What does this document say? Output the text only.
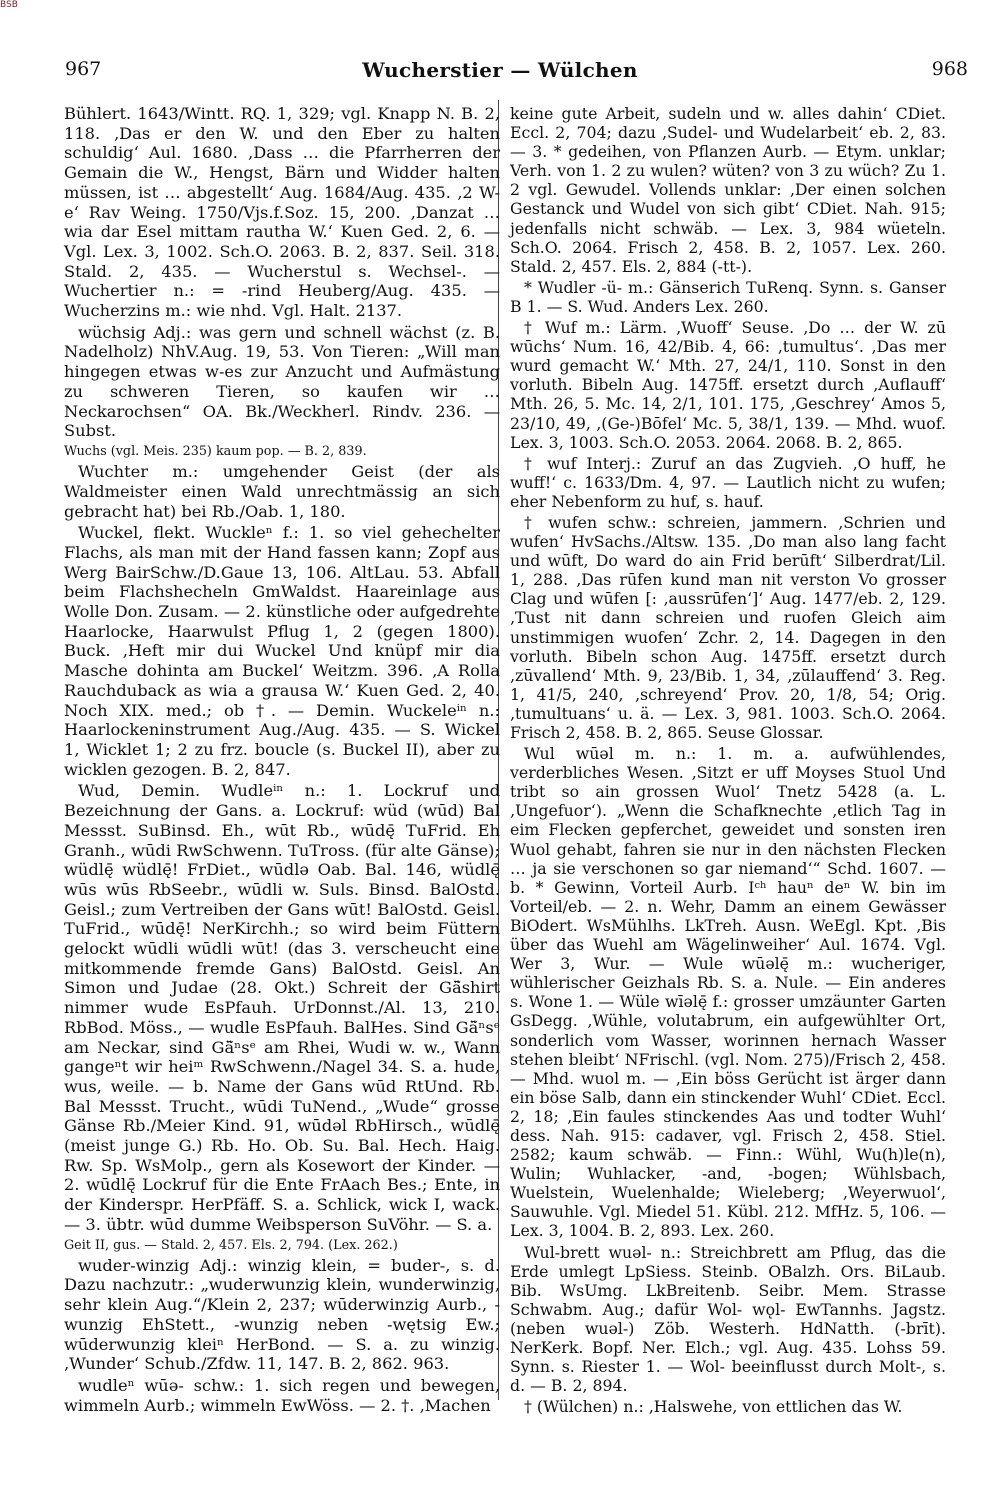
BSB
967	Wucherstier — Wülchen	968

Bühlert. 1643/Wintt. RQ. 1, 329; vgl. Knapp N. B. 2, 118. ‚Das er den W. und den Eber zu halten schuldig‘ Aul. 1680. ‚Dass … die Pfarrherren der Gemain die W., Hengst, Bärn und Widder halten müssen, ist … abgestellt‘ Aug. 1684/Aug. 435. ‚2 W-e‘ Rav Weing. 1750/Vjs.f.Soz. 15, 200. ‚Danzat … wia dar Esel mittam rautha W.‘ Kuen Ged. 2, 6. — Vgl. Lex. 3, 1002. Sch.O. 2063. B. 2, 837. Seil. 318. Stald. 2, 435. — Wucherstul s. Wechsel-. — Wuchertier n.: = -rind Heuberg/Aug. 435. — Wucherzins m.: wie nhd. Vgl. Halt. 2137.

wüchsig Adj.: was gern und schnell wächst (z. B. Nadelholz) NhV.Aug. 19, 53. Von Tieren: „Will man hingegen etwas w-es zur Anzucht und Aufmästung zu schweren Tieren, so kaufen wir … Neckarochsen“ OA. Bk./Weckherl. Rindv. 236. — Subst.

Wuchs (vgl. Meis. 235) kaum pop. — B. 2, 839.

Wuchter m.: umgehender Geist (der als Waldmeister einen Wald unrechtmässig an sich gebracht hat) bei Rb./Oab. 1, 180.

Wuckel, flekt. Wuckleⁿ f.: 1. so viel gehechelter Flachs, als man mit der Hand fassen kann; Zopf aus Werg BairSchw./D.Gaue 13, 106. AltLau. 53. Abfall beim Flachshecheln GmWaldst. Haareinlage aus Wolle Don. Zusam. — 2. künstliche oder aufgedrehte Haarlocke, Haarwulst Pflug 1, 2 (gegen 1800). Buck. ‚Heft mir dui Wuckel Und knüpf mir dia Masche dohinta am Buckel‘ Weitzm. 396. ‚A Rolla Rauchduback as wia a grausa W.‘ Kuen Ged. 2, 40. Noch XIX. med.; ob †. — Demin. Wuckeleⁱⁿ n.: Haarlockeninstrument Aug./Aug. 435. — S. Wickel 1, Wicklet 1; 2 zu frz. boucle (s. Buckel II), aber zu wicklen gezogen. B. 2, 847.

Wud, Demin. Wudleⁱⁿ n.: 1. Lockruf und Bezeichnung der Gans. a. Lockruf: wüd (wūd) Bal Messst. SuBinsd. Eh., wūt Rb., wūdę̄ TuFrid. Eh Granh., wūdi RwSchwenn. TuTross. (für alte Gänse); wüdlę̄ wüdlę̄! FrDiet., wūdlə Oab. Bal. 146, wüdlę̄ wūs wūs RbSeebr., wūdli w. Suls. Binsd. BalOstd. Geisl.; zum Vertreiben der Gans wūt! BalOstd. Geisl. TuFrid., wūdę̄! NerKirchh.; so wird beim Füttern gelockt wūdli wūdli wūt! (das 3. verscheucht eine mitkommende fremde Gans) BalOstd. Geisl. An Simon und Judae (28. Okt.) Schreit der Gä̃shirt nimmer wude EsPfauh. UrDonnst./Al. 13, 210. RbBod. Möss., — wudle EsPfauh. BalHes. Sind Gä̃ⁿsᵉ am Neckar, sind Gä̃ⁿsᵉ am Rhei, Wudi w. w., Wann gangeⁿt wir heiᵐ RwSchwenn./Nagel 34. S. a. hude, wus, weile. — b. Name der Gans wūd RtUnd. Rb. Bal Messst. Trucht., wūdi TuNend., „Wude“ grosse Gänse Rb./Meier Kind. 91, wūdəl RbHirsch., wūdlę̄ (meist junge G.) Rb. Ho. Ob. Su. Bal. Hech. Haig. Rw. Sp. WsMolp., gern als Kosewort der Kinder. — 2. wūdlę̄ Lockruf für die Ente FrAach Bes.; Ente, in der Kinderspr. HerPfäff. S. a. Schlick, wick I, wack. — 3. übtr. wūd dumme Weibsperson SuVöhr. — S. a.

Geit II, gus. — Stald. 2, 457. Els. 2, 794. (Lex. 262.)

wuder-winzig Adj.: winzig klein, = buder-, s. d. Dazu nachzutr.: „wuderwunzig klein, wunderwinzig, sehr klein Aug.“/Klein 2, 237; wūderwinzig Aurb., -wunzig EhStett., -wunzig neben -wętsig Ew.; wūderwunzig kleiⁿ HerBond. — S. a. zu winzig. ‚Wunder‘ Schub./Zfdw. 11, 147. B. 2, 862. 963.

wudleⁿ wūə- schw.: 1. sich regen und bewegen, wimmeln Aurb.; wimmeln EwWöss. — 2. †. ‚Machen

keine gute Arbeit, sudeln und w. alles dahin‘ CDiet. Eccl. 2, 704; dazu ‚Sudel- und Wudelarbeit‘ eb. 2, 83. — 3. * gedeihen, von Pflanzen Aurb. — Etym. unklar; Verh. von 1. 2 zu wulen? wüten? von 3 zu wüch? Zu 1. 2 vgl. Gewudel. Vollends unklar: ‚Der einen solchen Gestanck und Wudel von sich gibt‘ CDiet. Nah. 915; jedenfalls nicht schwäb. — Lex. 3, 984 wüeteln. Sch.O. 2064. Frisch 2, 458. B. 2, 1057. Lex. 260. Stald. 2, 457. Els. 2, 884 (-tt-).

* Wudler -ü- m.: Gänserich TuRenq. Synn. s. Ganser B 1. — S. Wud. Anders Lex. 260.

† Wuf m.: Lärm. ‚Wuoff‘ Seuse. ‚Do … der W. zū wūchs‘ Num. 16, 42/Bib. 4, 66: ‚tumultus‘. ‚Das mer wurd gemacht W.‘ Mth. 27, 24/1, 110. Sonst in den vorluth. Bibeln Aug. 1475ff. ersetzt durch ‚Auflauff‘ Mth. 26, 5. Mc. 14, 2/1, 101. 175, ‚Geschrey‘ Amos 5, 23/10, 49, ‚(Ge-)Bōfel‘ Mc. 5, 38/1, 139. — Mhd. wuof. Lex. 3, 1003. Sch.O. 2053. 2064. 2068. B. 2, 865.

† wuf Interj.: Zuruf an das Zugvieh. ‚O huff, he wuff!‘ c. 1633/Dm. 4, 97. — Lautlich nicht zu wufen; eher Nebenform zu huf, s. hauf.

† wufen schw.: schreien, jammern. ‚Schrien und wufen‘ HvSachs./Altsw. 135. ‚Do man also lang facht und wūft, Do ward do ain Frid berūft‘ Silberdrat/Lil. 1, 288. ‚Das rūfen kund man nit verston Vo grosser Clag und wūfen [: ‚aussrūfen‘]‘ Aug. 1477/eb. 2, 129. ‚Tust nit dann schreien und ruofen Gleich aim unstimmigen wuofen‘ Zchr. 2, 14. Dagegen in den vorluth. Bibeln schon Aug. 1475ff. ersetzt durch ‚zūvallend‘ Mth. 9, 23/Bib. 1, 34, ‚zūlauffend‘ 3. Reg. 1, 41/5, 240, ‚schreyend‘ Prov. 20, 1/8, 54; Orig. ‚tumultuans‘ u. ä. — Lex. 3, 981. 1003. Sch.O. 2064. Frisch 2, 458. B. 2, 865. Seuse Glossar.

Wul wūəl m. n.: 1. m. a. aufwühlendes, verderbliches Wesen. ‚Sitzt er uff Moyses Stuol Und tribt so ain grossen Wuol‘ Tnetz 5428 (a. L. ‚Ungefuor‘). „Wenn die Schafknechte ‚etlich Tag in eim Flecken gepferchet, geweidet und sonsten iren Wuol gehabt, fahren sie nur in den nächsten Flecken … ja sie verschonen so gar niemand‘“ Schd. 1607. — b. * Gewinn, Vorteil Aurb. Iᶜʰ hauⁿ deⁿ W. bin im Vorteil/eb. — 2. n. Wehr, Damm an einem Gewässer BiOdert. WsMühlhs. LkTreh. Ausn. WeEgl. Kpt. ‚Bis über das Wuehl am Wägelinweiher‘ Aul. 1674. Vgl. Wer 3, Wur. — Wule wūəlę̄ m.: wucheriger, wühlerischer Geizhals Rb. S. a. Nule. — Ein anderes s. Wone 1. — Wüle wīəlę̄ f.: grosser umzäunter Garten GsDegg. ‚Wühle, volutabrum, ein aufgewühlter Ort, sonderlich vom Wasser, worinnen hernach Wasser stehen bleibt‘ NFrischl. (vgl. Nom. 275)/Frisch 2, 458. — Mhd. wuol m. — ‚Ein böss Gerücht ist ärger dann ein böse Salb, dann ein stinckender Wuhl‘ CDiet. Eccl. 2, 18; ‚Ein faules stinckendes Aas und todter Wuhl‘ dess. Nah. 915: cadaver, vgl. Frisch 2, 458. Stiel. 2582; kaum schwäb. — Finn.: Wühl, Wu(h)le(n), Wulin; Wuhlacker, -and, -bogen; Wühlsbach, Wuelstein, Wuelenhalde; Wieleberg; ‚Weyerwuol‘, Sauwuhle. Vgl. Miedel 51. Kübl. 212. MfHz. 5, 106. — Lex. 3, 1004. B. 2, 893. Lex. 260.

Wul-brett wuəl- n.: Streichbrett am Pflug, das die Erde umlegt LpSiess. Steinb. OBalzh. Ors. BiLaub. Bib. WsUmg. LkBreitenb. Seibr. Mem. Strasse Schwabm. Aug.; dafür Wol- wǫl- EwTannhs. Jagstz. (neben wuəl-) Zöb. Westerh. HdNatth. (-brīt). NerKerk. Bopf. Ner. Elch.; vgl. Aug. 435. Lohss 59. Synn. s. Riester 1. — Wol- beeinflusst durch Molt-, s. d. — B. 2, 894.

† (Wülchen) n.: ‚Halswehe, von ettlichen das W.
